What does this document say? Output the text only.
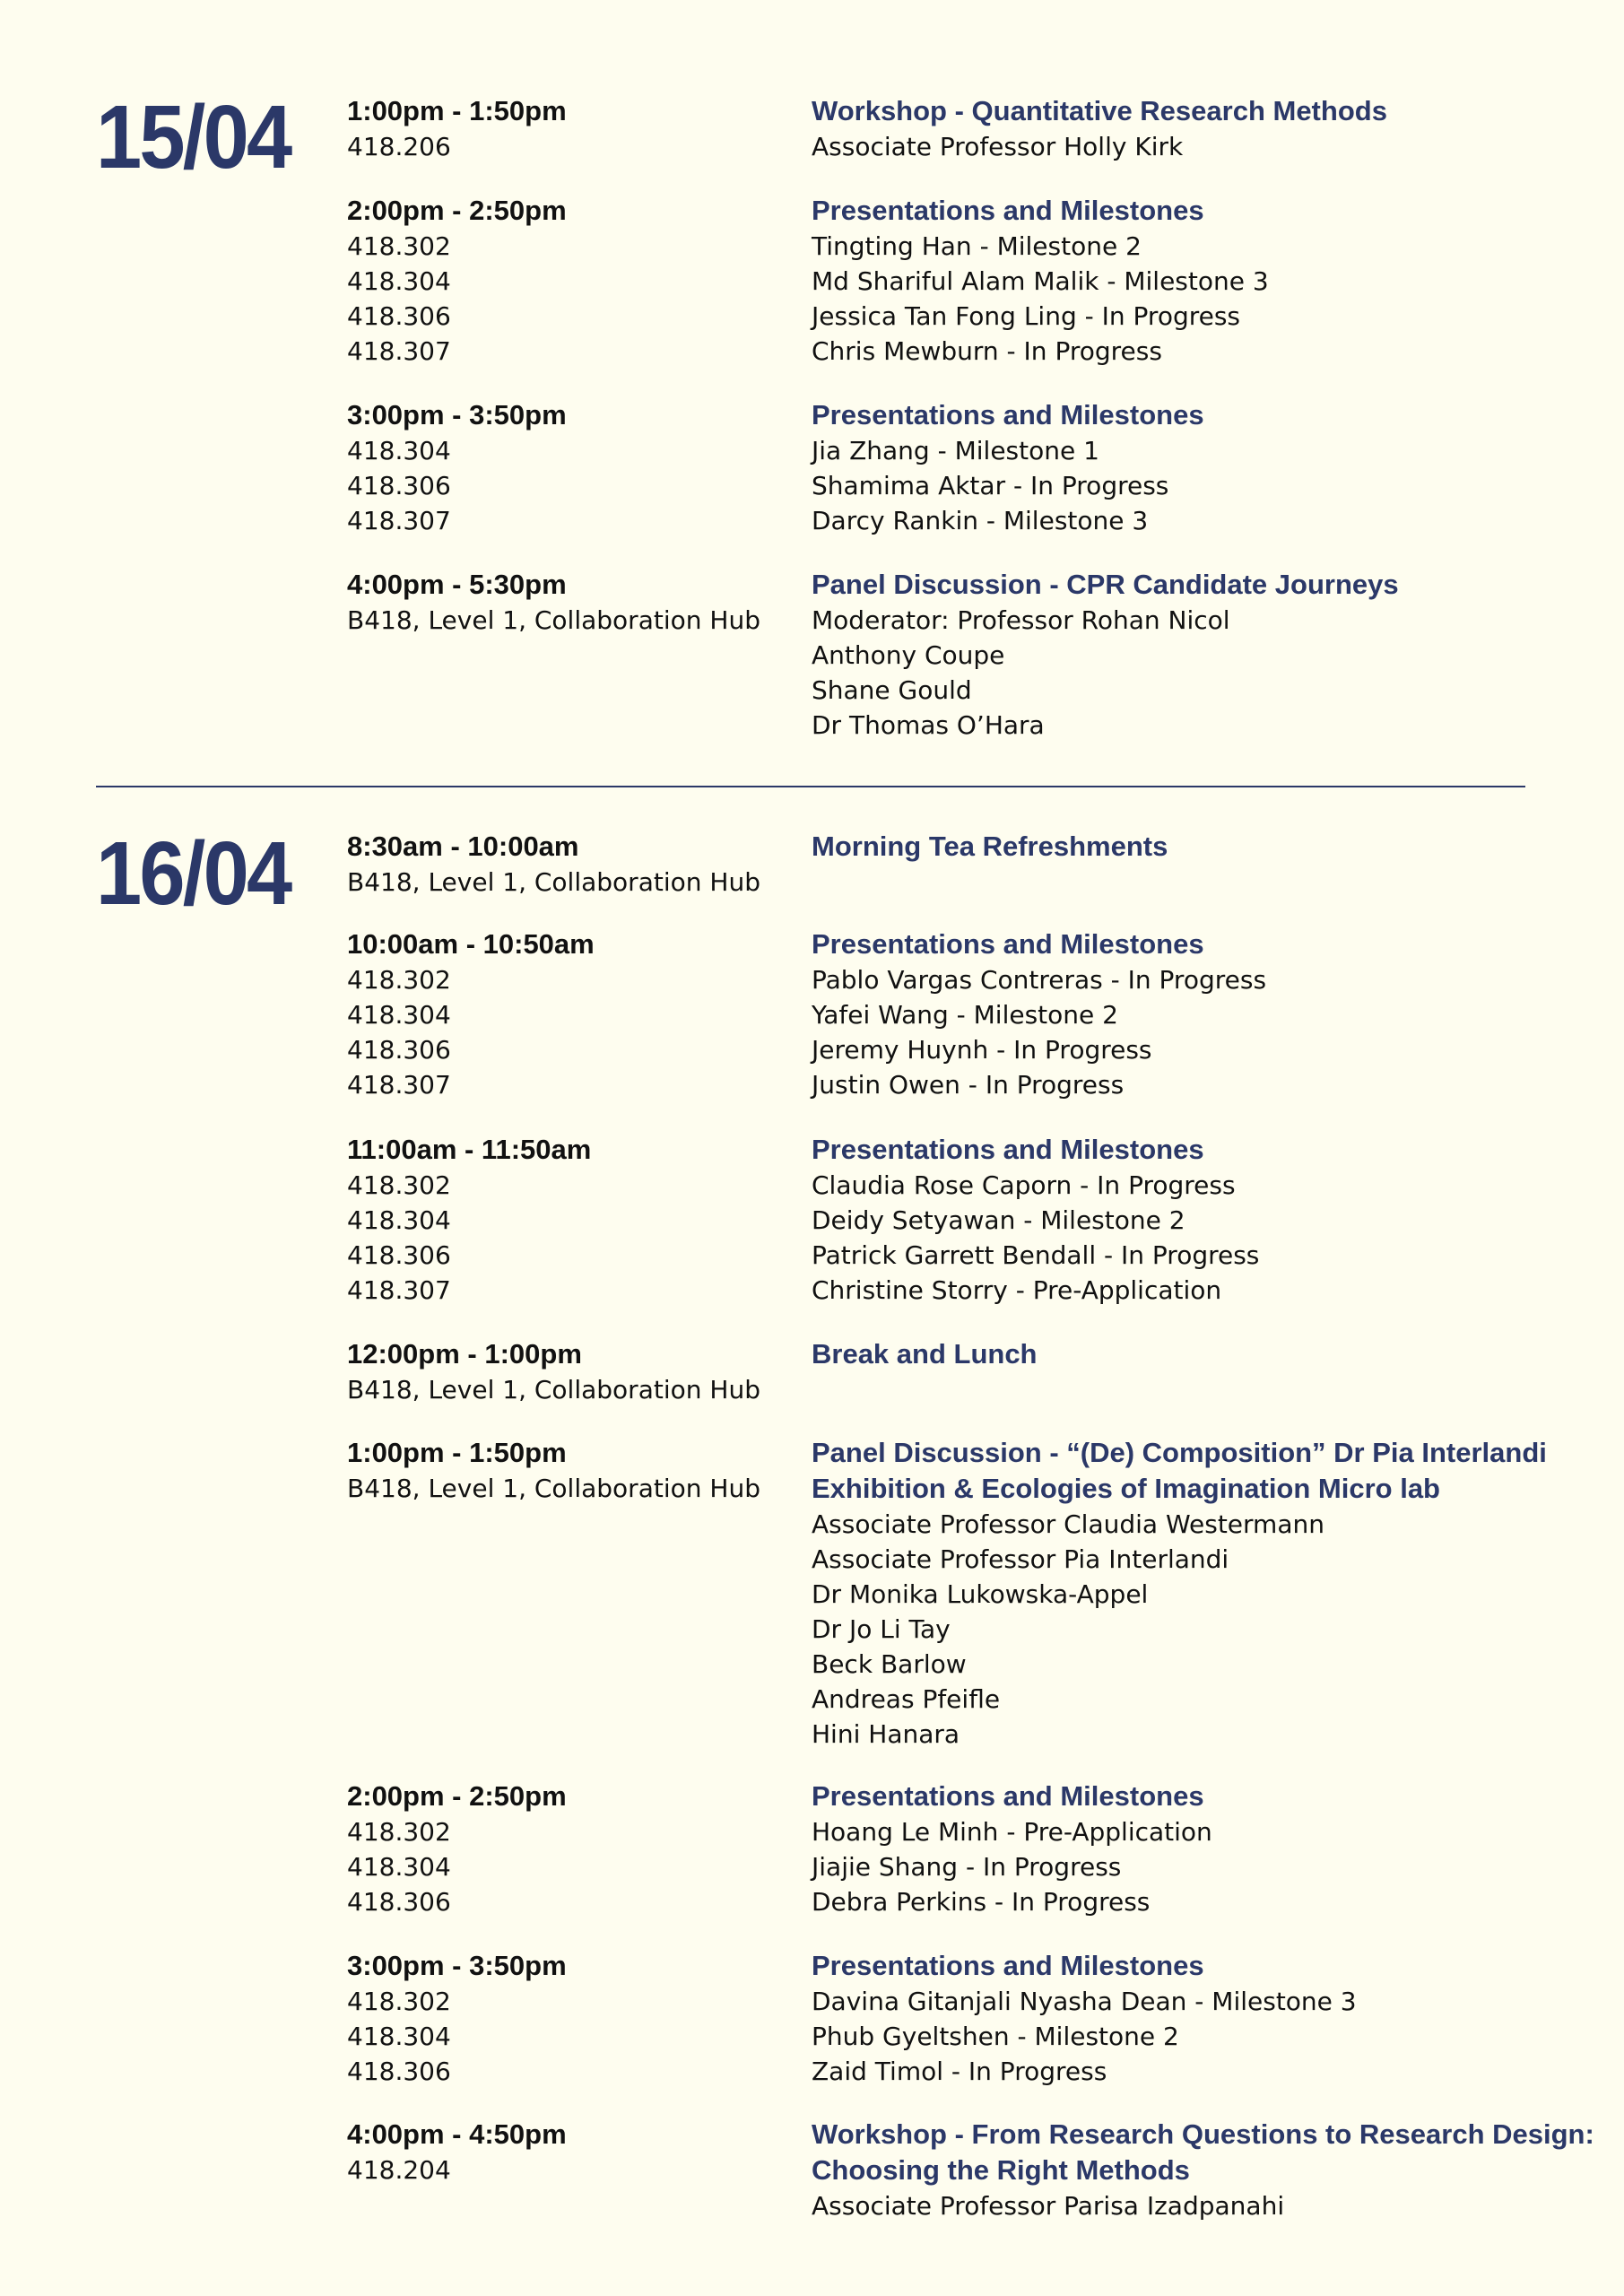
15/04 1:00pm - 1:50pm
418.206
Workshop - Quantitative Research Methods
Associate Professor Holly Kirk
2:00pm - 2:50pm
418.302
418.304
418.306
418.307
Presentations and Milestones
Tingting Han - Milestone 2
Md Shariful Alam Malik - Milestone 3
Jessica Tan Fong Ling - In Progress
Chris Mewburn - In Progress
3:00pm - 3:50pm
418.304
418.306
418.307
Presentations and Milestones
Jia Zhang - Milestone 1
Shamima Aktar - In Progress
Darcy Rankin - Milestone 3
4:00pm - 5:30pm
B418, Level 1, Collaboration Hub
Panel Discussion - CPR Candidate Journeys
Moderator: Professor Rohan Nicol
Anthony Coupe
Shane Gould
Dr Thomas O’Hara
16/04 8:30am - 10:00am
B418, Level 1, Collaboration Hub
Morning Tea Refreshments
10:00am - 10:50am
418.302
418.304
418.306
418.307
Presentations and Milestones
Pablo Vargas Contreras - In Progress
Yafei Wang - Milestone 2
Jeremy Huynh - In Progress
Justin Owen - In Progress
11:00am - 11:50am
418.302
418.304
418.306
418.307
Presentations and Milestones
Claudia Rose Caporn - In Progress
Deidy Setyawan - Milestone 2
Patrick Garrett Bendall - In Progress
Christine Storry - Pre-Application
12:00pm - 1:00pm
B418, Level 1, Collaboration Hub
Break and Lunch
1:00pm - 1:50pm
B418, Level 1, Collaboration Hub
Panel Discussion - “(De) Composition” Dr Pia Interlandi
Exhibition & Ecologies of Imagination Micro lab
Associate Professor Claudia Westermann
Associate Professor Pia Interlandi
Dr Monika Lukowska-Appel
Dr Jo Li Tay
Beck Barlow
Andreas Pfeifle
Hini Hanara
2:00pm - 2:50pm
418.302
418.304
418.306
Presentations and Milestones
Hoang Le Minh - Pre-Application
Jiajie Shang - In Progress
Debra Perkins - In Progress
3:00pm - 3:50pm
418.302
418.304
418.306
Presentations and Milestones
Davina Gitanjali Nyasha Dean - Milestone 3
Phub Gyeltshen - Milestone 2
Zaid Timol - In Progress
4:00pm - 4:50pm
418.204
Workshop - From Research Questions to Research Design:
Choosing the Right Methods
Associate Professor Parisa Izadpanahi
